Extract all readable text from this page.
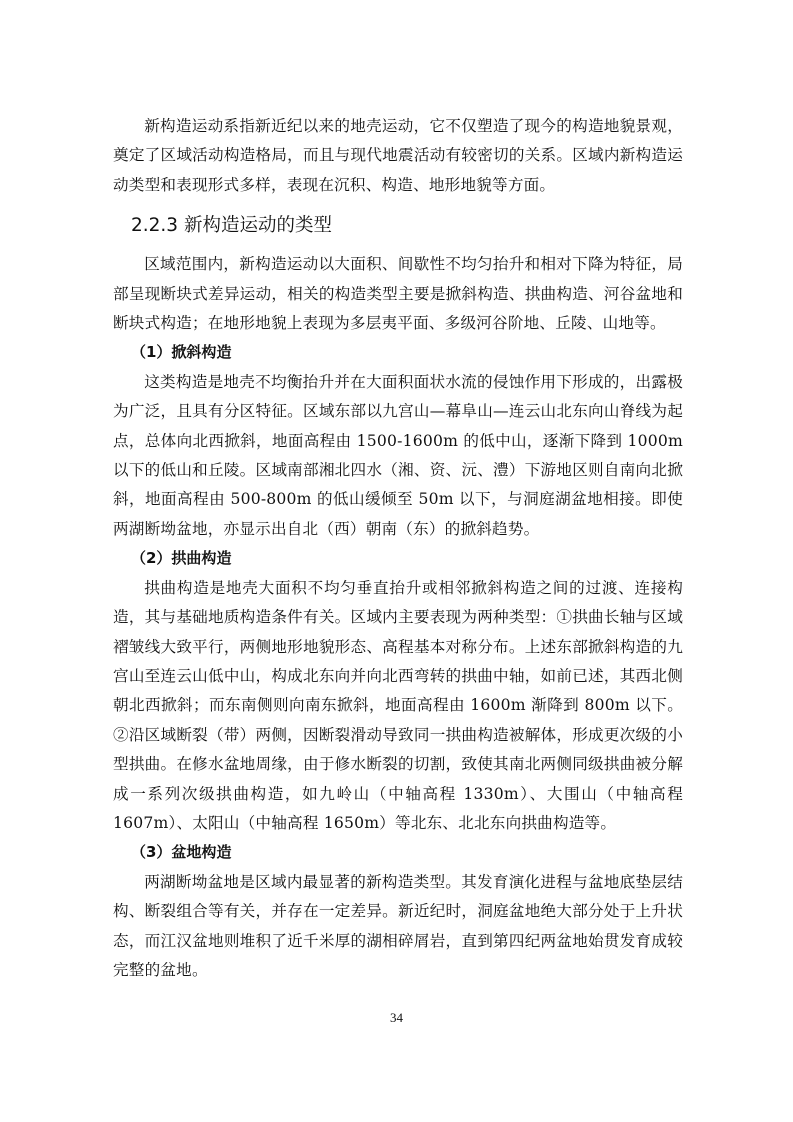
新构造运动系指新近纪以来的地壳运动，它不仅塑造了现今的构造地貌景观，奠定了区域活动构造格局，而且与现代地震活动有较密切的关系。区域内新构造运动类型和表现形式多样，表现在沉积、构造、地形地貌等方面。

2.2.3 新构造运动的类型

区域范围内，新构造运动以大面积、间歇性不均匀抬升和相对下降为特征，局部呈现断块式差异运动，相关的构造类型主要是掀斜构造、拱曲构造、河谷盆地和断块式构造；在地形地貌上表现为多层夷平面、多级河谷阶地、丘陵、山地等。

（1）掀斜构造

这类构造是地壳不均衡抬升并在大面积面状水流的侵蚀作用下形成的，出露极为广泛，且具有分区特征。区域东部以九宫山—幕阜山—连云山北东向山脊线为起点，总体向北西掀斜，地面高程由 1500-1600m 的低中山，逐渐下降到 1000m 以下的低山和丘陵。区域南部湘北四水（湘、资、沅、澧）下游地区则自南向北掀斜，地面高程由 500-800m 的低山缓倾至 50m 以下，与洞庭湖盆地相接。即使两湖断坳盆地，亦显示出自北（西）朝南（东）的掀斜趋势。

（2）拱曲构造

拱曲构造是地壳大面积不均匀垂直抬升或相邻掀斜构造之间的过渡、连接构造，其与基础地质构造条件有关。区域内主要表现为两种类型：①拱曲长轴与区域褶皱线大致平行，两侧地形地貌形态、高程基本对称分布。上述东部掀斜构造的九宫山至连云山低中山，构成北东向并向北西弯转的拱曲中轴，如前已述，其西北侧朝北西掀斜；而东南侧则向南东掀斜，地面高程由 1600m 渐降到 800m 以下。②沿区域断裂（带）两侧，因断裂滑动导致同一拱曲构造被解体，形成更次级的小型拱曲。在修水盆地周缘，由于修水断裂的切割，致使其南北两侧同级拱曲被分解成一系列次级拱曲构造，如九岭山（中轴高程 1330m）、大围山（中轴高程 1607m）、太阳山（中轴高程 1650m）等北东、北北东向拱曲构造等。

（3）盆地构造

两湖断坳盆地是区域内最显著的新构造类型。其发育演化进程与盆地底垫层结构、断裂组合等有关，并存在一定差异。新近纪时，洞庭盆地绝大部分处于上升状态，而江汉盆地则堆积了近千米厚的湖相碎屑岩，直到第四纪两盆地始贯发育成较完整的盆地。

34
